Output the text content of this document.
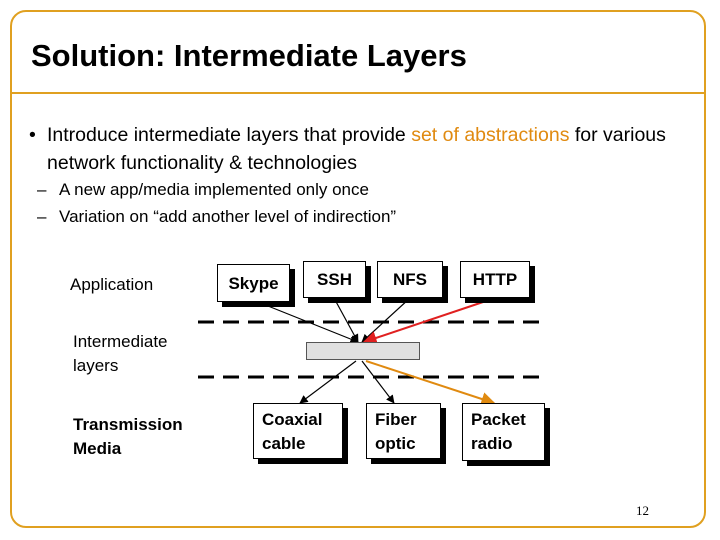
Solution: Intermediate Layers
• Introduce intermediate layers that provide set of abstractions for various network functionality & technologies
– A new app/media implemented only once
– Variation on “add another level of indirection”
Application
Intermediate
layers
Transmission
Media
Skype	SSH	NFS	HTTP
Coaxial
cable
Fiber
optic
Packet
radio
12
